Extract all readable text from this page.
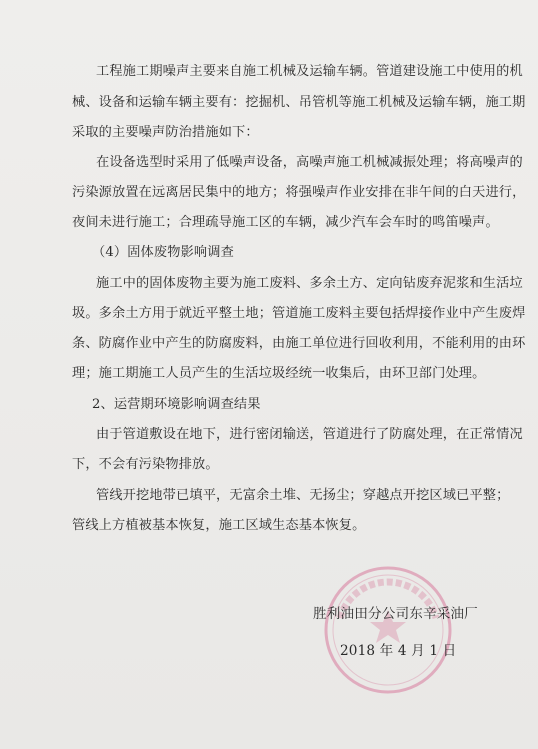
工程施工期噪声主要来自施工机械及运输车辆。管道建设施工中使用的机
械、设备和运输车辆主要有：挖掘机、吊管机等施工机械及运输车辆，施工期
采取的主要噪声防治措施如下：
在设备选型时采用了低噪声设备，高噪声施工机械减振处理；将高噪声的
污染源放置在远离居民集中的地方；将强噪声作业安排在非午间的白天进行，
夜间未进行施工；合理疏导施工区的车辆，减少汽车会车时的鸣笛噪声。
（4）固体废物影响调查
施工中的固体废物主要为施工废料、多余土方、定向钻废弃泥浆和生活垃
圾。多余土方用于就近平整土地；管道施工废料主要包括焊接作业中产生废焊
条、防腐作业中产生的防腐废料，由施工单位进行回收利用，不能利用的由环
理；施工期施工人员产生的生活垃圾经统一收集后，由环卫部门处理。
2、运营期环境影响调查结果
由于管道敷设在地下，进行密闭输送，管道进行了防腐处理，在正常情况
下，不会有污染物排放。
管线开挖地带已填平，无富余土堆、无扬尘；穿越点开挖区域已平整；
管线上方植被基本恢复，施工区域生态基本恢复。
胜利油田分公司东辛采油厂
2018 年 4 月 1 日
